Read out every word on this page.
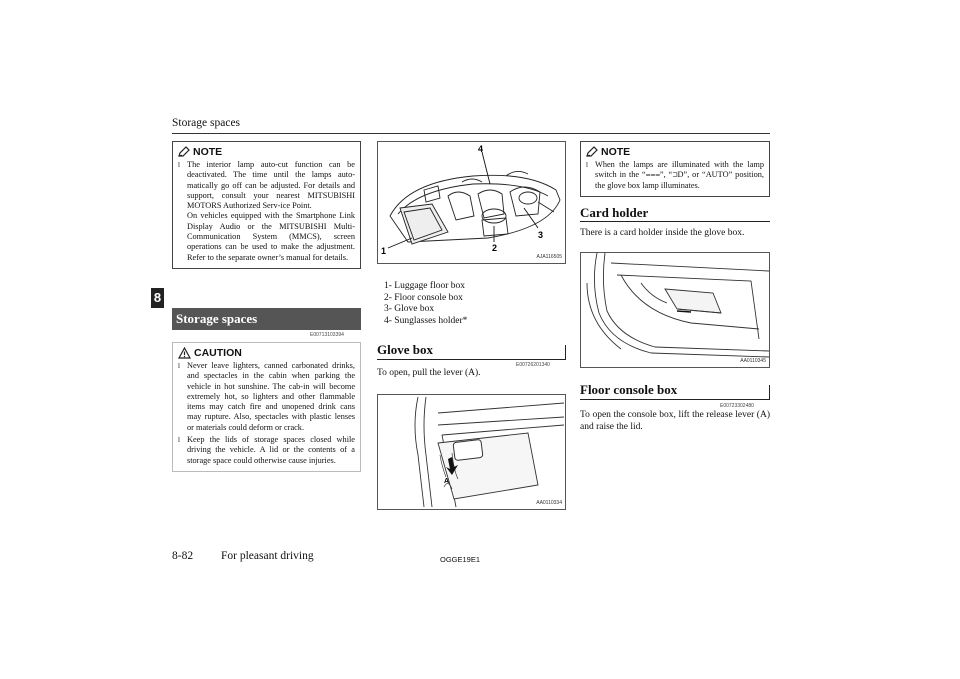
Storage spaces
8
NOTE
l The interior lamp auto-cut function can be deactivated. The time until the lamps auto-matically go off can be adjusted. For details and support, consult your nearest MITSUBISHI MOTORS Authorized Serv-ice Point.
On vehicles equipped with the Smartphone Link Display Audio or the MITSUBISHI Multi-Communication System (MMCS), screen operations can be used to make the adjustment. Refer to the separate owner’s manual for details.
Storage spaces
E00713103394
CAUTION
l Never leave lighters, canned carbonated drinks, and spectacles in the cabin when parking the vehicle in hot sunshine. The cab-in will become extremely hot, so lighters and other flammable items may catch fire and unopened drink cans may rupture. Also, spectacles with plastic lenses or materials could deform or crack.
l Keep the lids of storage spaces closed while driving the vehicle. A lid or the contents of a storage space could otherwise cause injuries.
1	2
3
4
AJA116505
1- Luggage floor box
2- Floor console box
3- Glove box
4- Sunglasses holder*
Glove box
E00726201340
To open, pull the lever (A).
A
AA0110334
NOTE
l When the lamps are illuminated with the lamp switch in the “⩶”, “⊐D”, or “AUTO” position, the glove box lamp illuminates.
Card holder
There is a card holder inside the glove box.
AA0110345
Floor console box
E00723302480
To open the console box, lift the release lever (A) and raise the lid.
8-82 For pleasant driving	OGGE19E1
